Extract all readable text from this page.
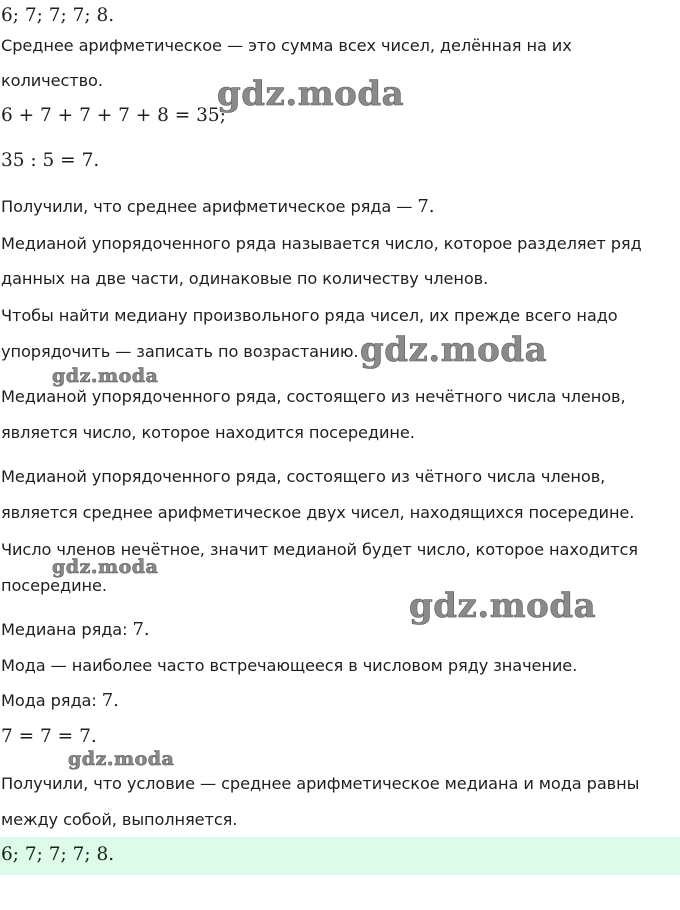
6; 7; 7; 7; 8.
Среднее арифметическое — это сумма всех чисел, делённая на их
количество.
6 + 7 + 7 + 7 + 8 = 35;
35 : 5 = 7.
Получили, что среднее арифметическое ряда — 7.
Медианой упорядоченного ряда называется число, которое разделяет ряд
данных на две части, одинаковые по количеству членов.
Чтобы найти медиану произвольного ряда чисел, их прежде всего надо
упорядочить — записать по возрастанию.
Медианой упорядоченного ряда, состоящего из нечётного числа членов,
является число, которое находится посередине.
Медианой упорядоченного ряда, состоящего из чётного числа членов,
является среднее арифметическое двух чисел, находящихся посередине.
Число членов нечётное, значит медианой будет число, которое находится
посередине.
Медиана ряда: 7.
Мода — наиболее часто встречающееся в числовом ряду значение.
Мода ряда: 7.
7 = 7 = 7.
Получили, что условие — среднее арифметическое медиана и мода равны
между собой, выполняется.
6; 7; 7; 7; 8.
gdz.moda
gdz.moda
gdz.moda
gdz.moda
gdz.moda
gdz.moda
